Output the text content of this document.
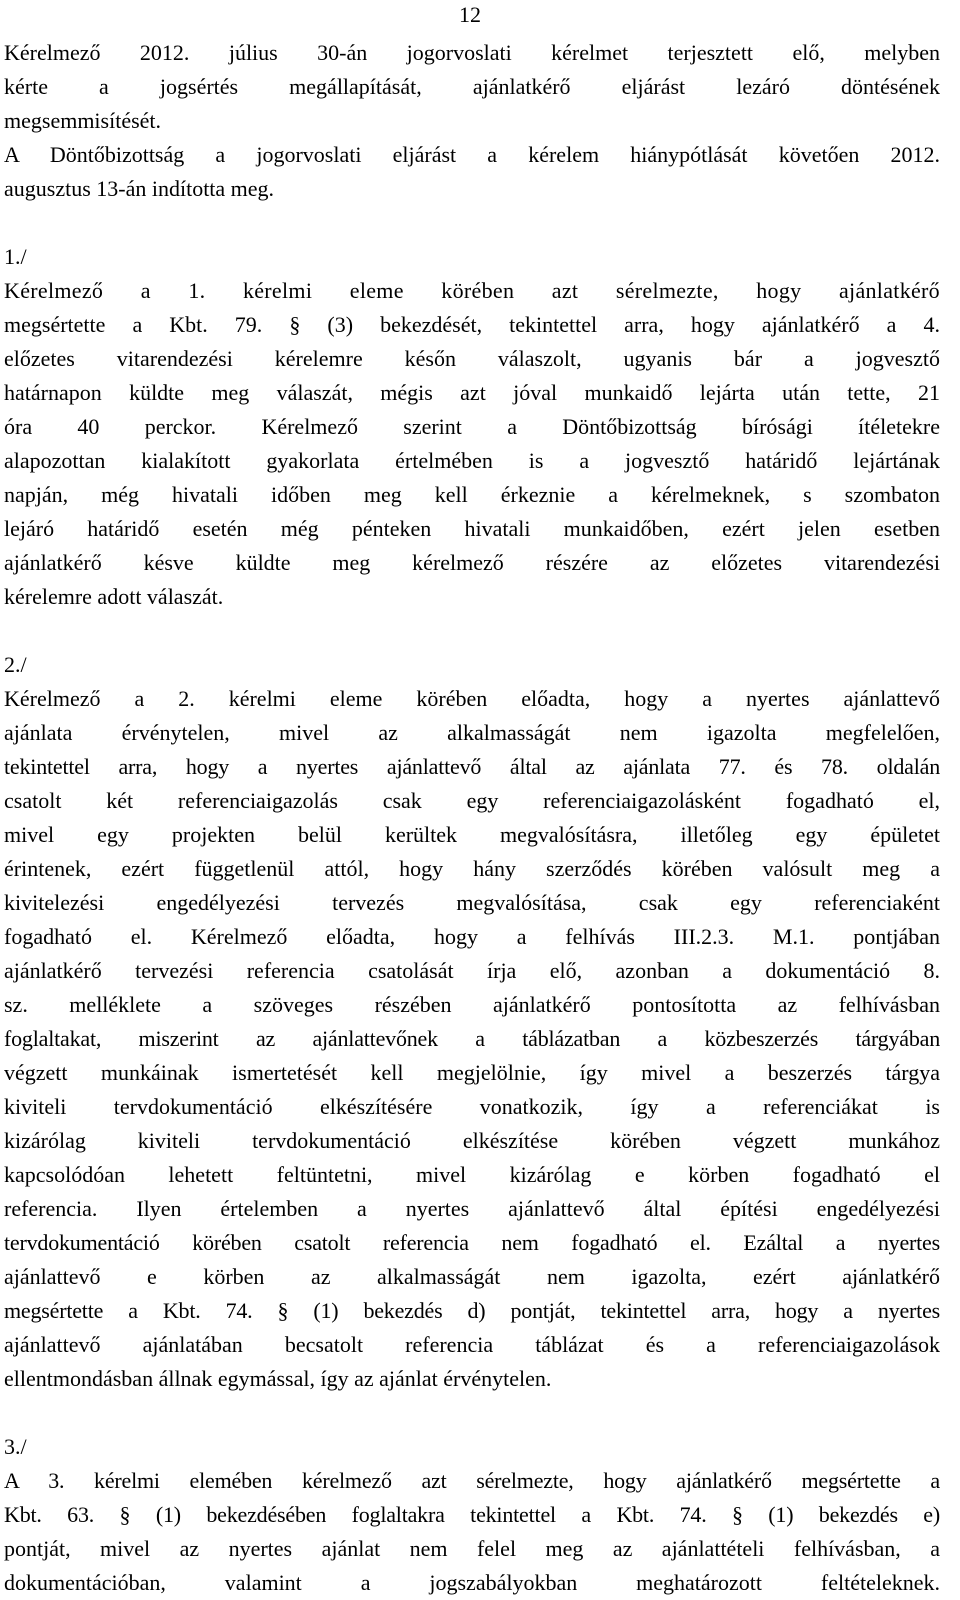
12
Kérelmező 2012. július 30-án jogorvoslati kérelmet terjesztett elő, melyben
kérte a jogsértés megállapítását, ajánlatkérő eljárást lezáró döntésének
megsemmisítését.
A Döntőbizottság a jogorvoslati eljárást a kérelem hiánypótlását követően 2012.
augusztus 13-án indította meg.
1./
Kérelmező a 1. kérelmi eleme körében azt sérelmezte, hogy ajánlatkérő
megsértette a Kbt. 79. § (3) bekezdését, tekintettel arra, hogy ajánlatkérő a 4.
előzetes vitarendezési kérelemre későn válaszolt, ugyanis bár a jogvesztő
határnapon küldte meg válaszát, mégis azt jóval munkaidő lejárta után tette, 21
óra 40 perckor. Kérelmező szerint a Döntőbizottság bírósági ítéletekre
alapozottan kialakított gyakorlata értelmében is a jogvesztő határidő lejártának
napján, még hivatali időben meg kell érkeznie a kérelmeknek, s szombaton
lejáró határidő esetén még pénteken hivatali munkaidőben, ezért jelen esetben
ajánlatkérő késve küldte meg kérelmező részére az előzetes vitarendezési
kérelemre adott válaszát.
2./
Kérelmező a 2. kérelmi eleme körében előadta, hogy a nyertes ajánlattevő
ajánlata érvénytelen, mivel az alkalmasságát nem igazolta megfelelően,
tekintettel arra, hogy a nyertes ajánlattevő által az ajánlata 77. és 78. oldalán
csatolt két referenciaigazolás csak egy referenciaigazolásként fogadható el,
mivel egy projekten belül kerültek megvalósításra, illetőleg egy épületet
érintenek, ezért függetlenül attól, hogy hány szerződés körében valósult meg a
kivitelezési engedélyezési tervezés megvalósítása, csak egy referenciaként
fogadható el. Kérelmező előadta, hogy a felhívás III.2.3. M.1. pontjában
ajánlatkérő tervezési referencia csatolását írja elő, azonban a dokumentáció 8.
sz. melléklete a szöveges részében ajánlatkérő pontosította az felhívásban
foglaltakat, miszerint az ajánlattevőnek a táblázatban a közbeszerzés tárgyában
végzett munkáinak ismertetését kell megjelölnie, így mivel a beszerzés tárgya
kiviteli tervdokumentáció elkészítésére vonatkozik, így a referenciákat is
kizárólag kiviteli tervdokumentáció elkészítése körében végzett munkához
kapcsolódóan lehetett feltüntetni, mivel kizárólag e körben fogadható el
referencia. Ilyen értelemben a nyertes ajánlattevő által építési engedélyezési
tervdokumentáció körében csatolt referencia nem fogadható el. Ezáltal a nyertes
ajánlattevő e körben az alkalmasságát nem igazolta, ezért ajánlatkérő
megsértette a Kbt. 74. § (1) bekezdés d) pontját, tekintettel arra, hogy a nyertes
ajánlattevő ajánlatában becsatolt referencia táblázat és a referenciaigazolások
ellentmondásban állnak egymással, így az ajánlat érvénytelen.
3./
A 3. kérelmi elemében kérelmező azt sérelmezte, hogy ajánlatkérő megsértette a
Kbt. 63. § (1) bekezdésében foglaltakra tekintettel a Kbt. 74. § (1) bekezdés e)
pontját, mivel az nyertes ajánlat nem felel meg az ajánlattételi felhívásban, a
dokumentációban, valamint a jogszabályokban meghatározott feltételeknek.
